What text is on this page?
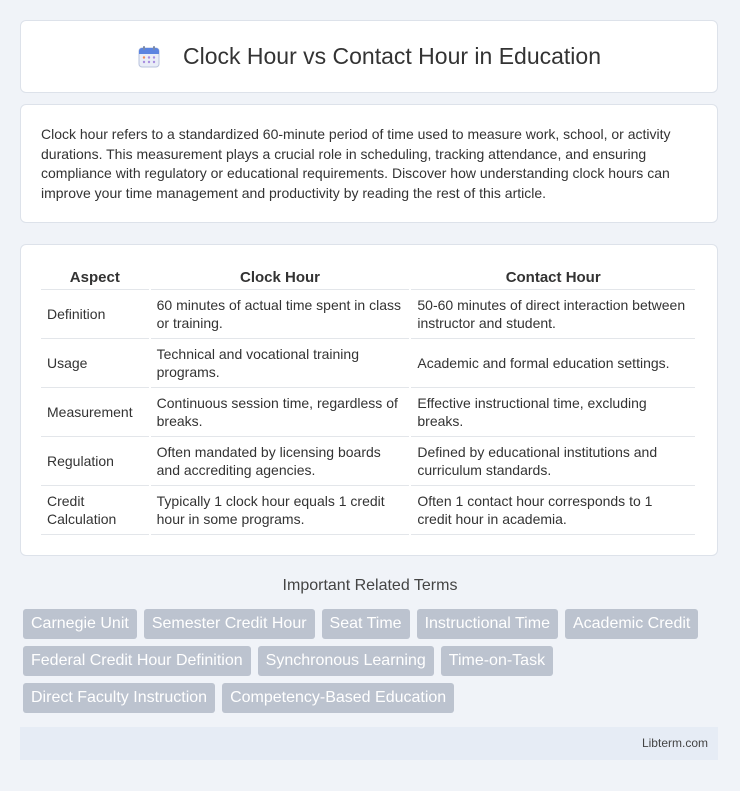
Clock Hour vs Contact Hour in Education

Clock hour refers to a standardized 60-minute period of time used to measure work, school, or activity durations. This measurement plays a crucial role in scheduling, tracking attendance, and ensuring compliance with regulatory or educational requirements. Discover how understanding clock hours can improve your time management and productivity by reading the rest of this article.

Aspect	Clock Hour	Contact Hour
Definition	60 minutes of actual time spent in class or training.	50-60 minutes of direct interaction between instructor and student.
Usage	Technical and vocational training programs.	Academic and formal education settings.
Measurement	Continuous session time, regardless of breaks.	Effective instructional time, excluding breaks.
Regulation	Often mandated by licensing boards and accrediting agencies.	Defined by educational institutions and curriculum standards.
Credit Calculation	Typically 1 clock hour equals 1 credit hour in some programs.	Often 1 contact hour corresponds to 1 credit hour in academia.
Important Related Terms
Carnegie Unit	Semester Credit Hour	Seat Time	Instructional Time	Academic Credit
Federal Credit Hour Definition	Synchronous Learning	Time-on-Task
Direct Faculty Instruction	Competency-Based Education
Libterm.com
